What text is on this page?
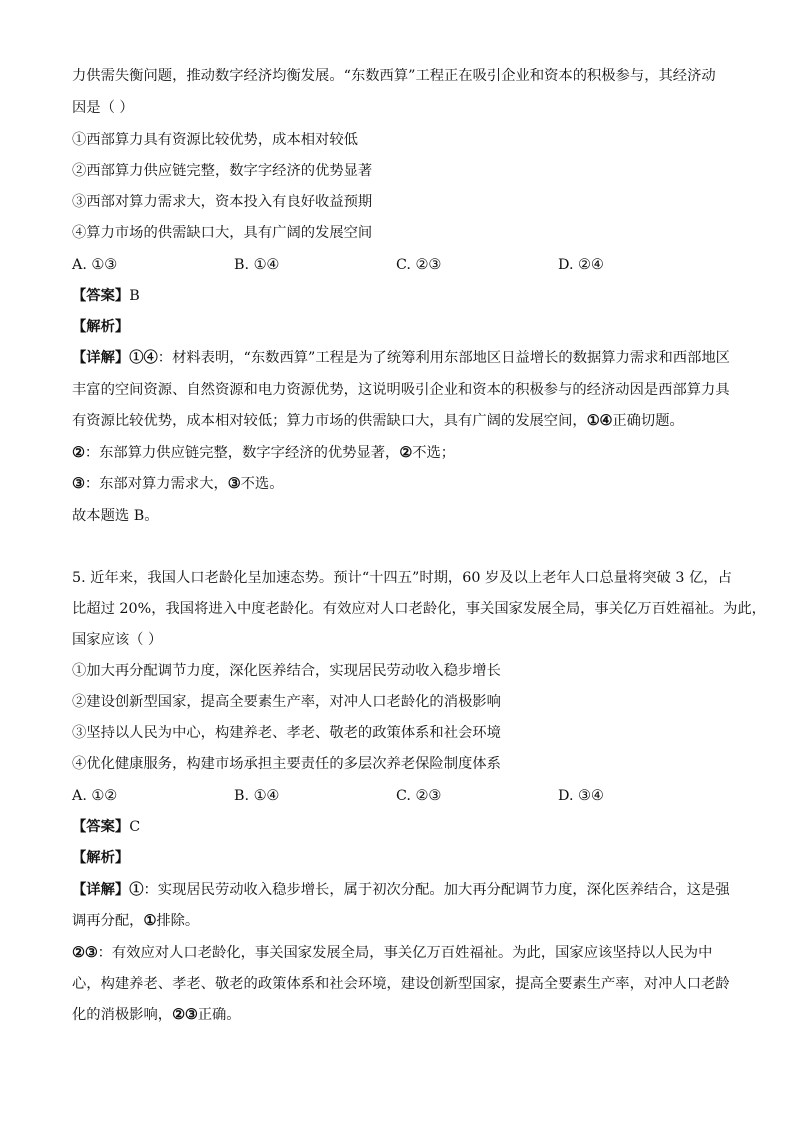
力供需失衡问题，推动数字经济均衡发展。“东数西算”工程正在吸引企业和资本的积极参与，其经济动
因是（ ）
①西部算力具有资源比较优势，成本相对较低
②西部算力供应链完整，数字字经济的优势显著
③西部对算力需求大，资本投入有良好收益预期
④算力市场的供需缺口大，具有广阔的发展空间
A. ①③	B. ①④	C. ②③	D. ②④
【答案】B
【解析】
【详解】①④：材料表明，“东数西算”工程是为了统筹利用东部地区日益增长的数据算力需求和西部地区
丰富的空间资源、自然资源和电力资源优势，这说明吸引企业和资本的积极参与的经济动因是西部算力具
有资源比较优势，成本相对较低；算力市场的供需缺口大，具有广阔的发展空间，①④正确切题。
②：东部算力供应链完整，数字字经济的优势显著，②不选；
③：东部对算力需求大，③不选。
故本题选 B。
5. 近年来，我国人口老龄化呈加速态势。预计“十四五”时期，60 岁及以上老年人口总量将突破 3 亿，占
比超过 20%，我国将进入中度老龄化。有效应对人口老龄化，事关国家发展全局，事关亿万百姓福祉。为此，
国家应该（ ）
①加大再分配调节力度，深化医养结合，实现居民劳动收入稳步增长
②建设创新型国家，提高全要素生产率，对冲人口老龄化的消极影响
③坚持以人民为中心，构建养老、孝老、敬老的政策体系和社会环境
④优化健康服务，构建市场承担主要责任的多层次养老保险制度体系
A. ①②	B. ①④	C. ②③	D. ③④
【答案】C
【解析】
【详解】①：实现居民劳动收入稳步增长，属于初次分配。加大再分配调节力度，深化医养结合，这是强
调再分配，①排除。
②③：有效应对人口老龄化，事关国家发展全局，事关亿万百姓福祉。为此，国家应该坚持以人民为中
心，构建养老、孝老、敬老的政策体系和社会环境，建设创新型国家，提高全要素生产率，对冲人口老龄
化的消极影响，②③正确。
